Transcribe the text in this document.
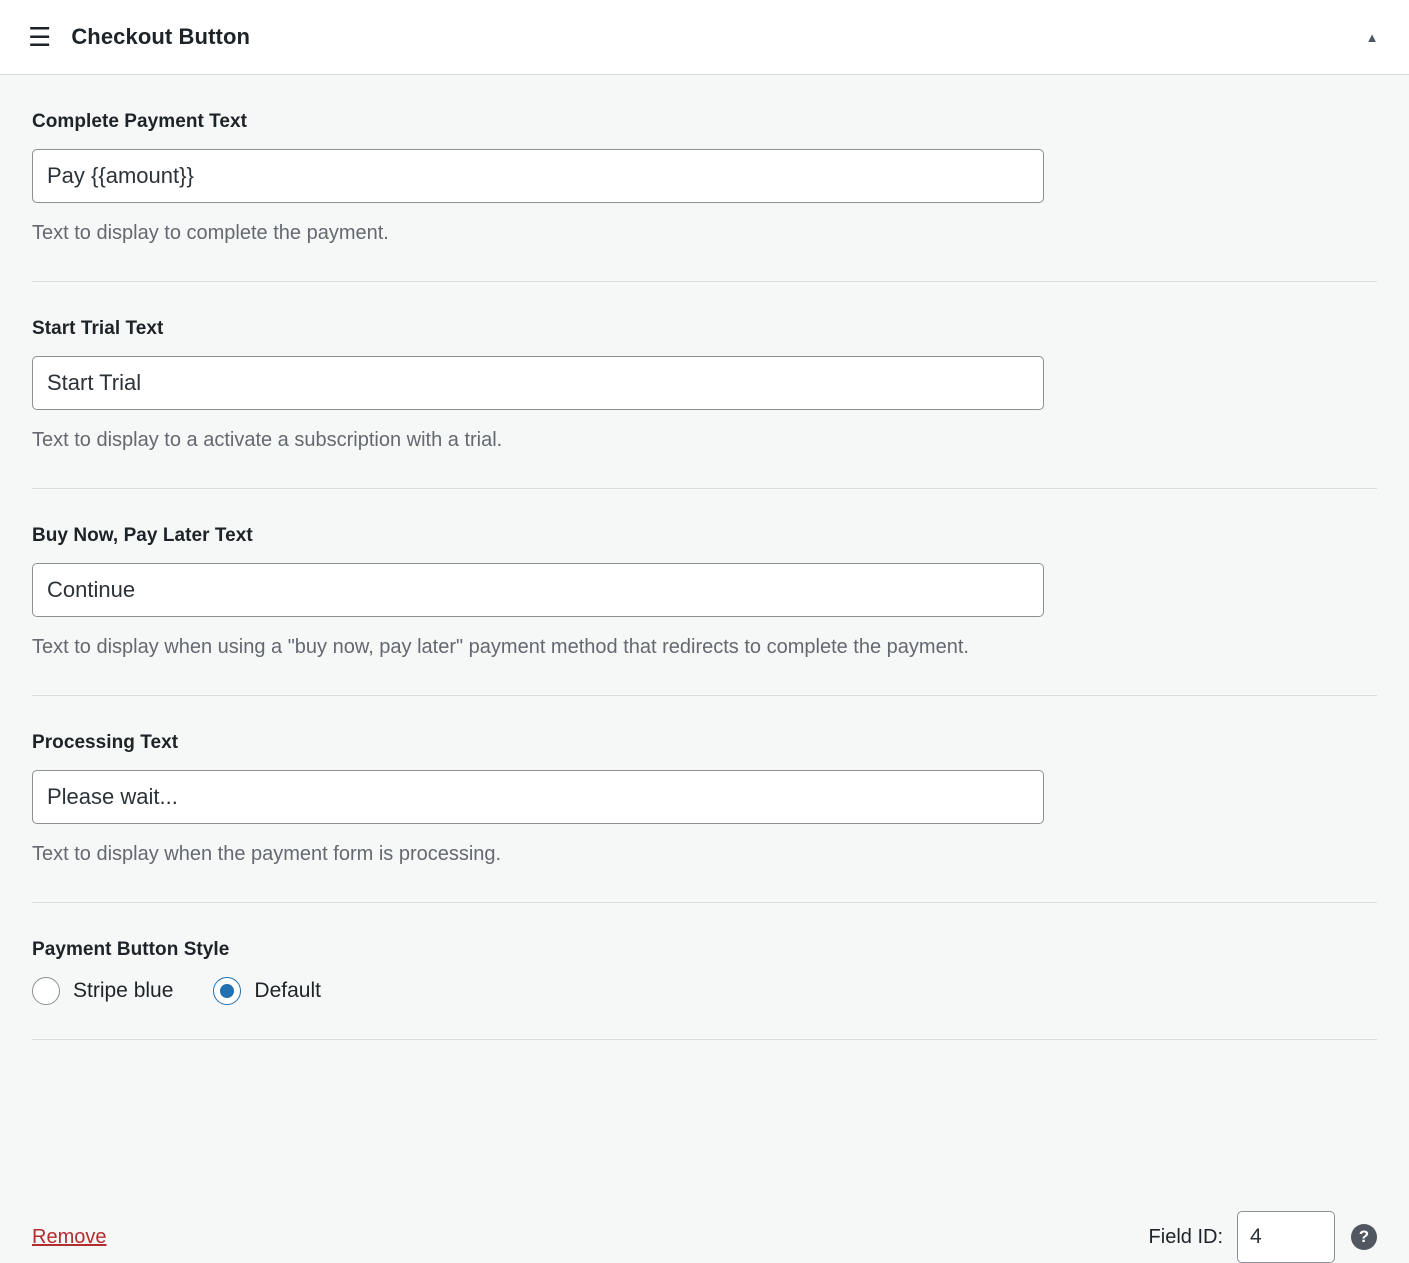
☰ Checkout Button	▲
Complete Payment Text
Pay {{amount}}
Text to display to complete the payment.
Start Trial Text
Start Trial
Text to display to a activate a subscription with a trial.
Buy Now, Pay Later Text
Continue
Text to display when using a "buy now, pay later" payment method that redirects to complete the payment.
Processing Text
Please wait...
Text to display when the payment form is processing.
Payment Button Style
Stripe blue	Default
Remove	Field ID:
4	?
